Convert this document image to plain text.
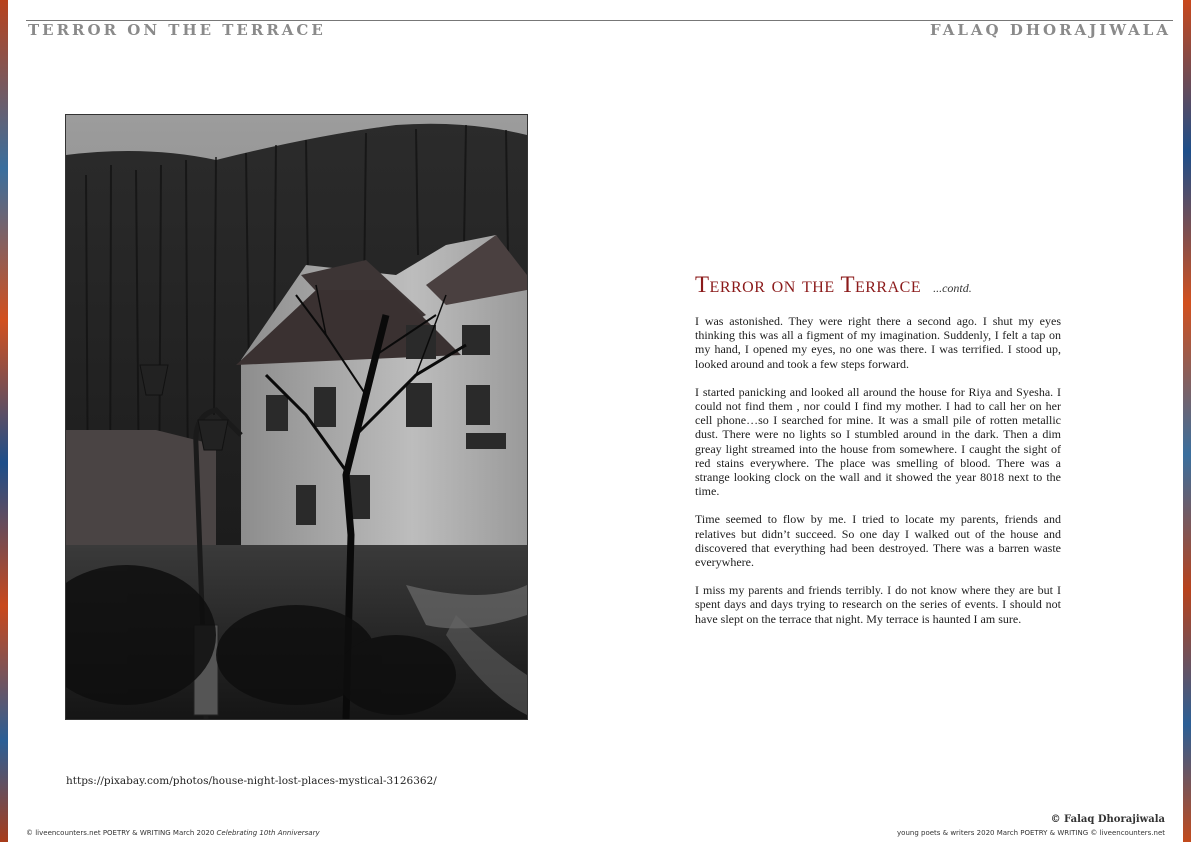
TERROR ON THE TERRACE	FALAQ DHORAJIWALA
https://pixabay.com/photos/house-night-lost-places-mystical-3126362/
Terror on the Terrace ...contd.

I was astonished. They were right there a second ago. I shut my eyes thinking this was all a figment of my imagination. Suddenly, I felt a tap on my hand, I opened my eyes, no one was there. I was terrified. I stood up, looked around and took a few steps forward.

I started panicking and looked all around the house for Riya and Syesha. I could not find them , nor could I find my mother. I had to call her on her cell phone…so I searched for mine. It was a small pile of rotten metallic dust. There were no lights so I stumbled around in the dark. Then a dim greay light streamed into the house from somewhere. I caught the sight of red stains everywhere. The place was smelling of blood. There was a strange looking clock on the wall and it showed the year 8018 next to the time.

Time seemed to flow by me. I tried to locate my parents, friends and relatives but didn’t succeed. So one day I walked out of the house and discovered that everything had been destroyed. There was a barren waste everywhere.

I miss my parents and friends terribly. I do not know where they are but I spent days and days trying to research on the series of events. I should not have slept on the terrace that night. My terrace is haunted I am sure.

© Falaq Dhorajiwala
© liveencounters.net POETRY & WRITING March 2020 Celebrating 10th Anniversary	young poets & writers 2020 March POETRY & WRITING © liveencounters.net
